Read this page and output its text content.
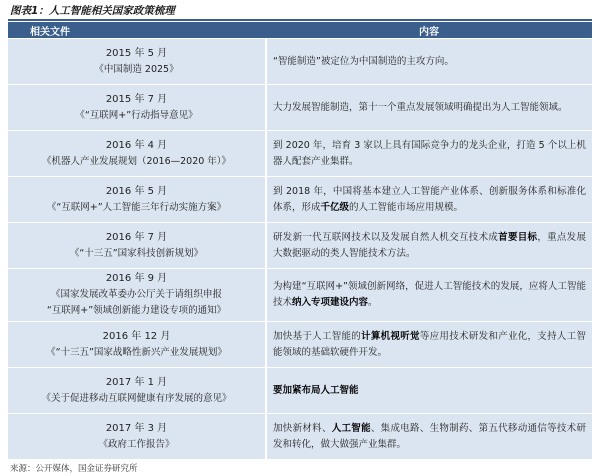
图表1：人工智能相关国家政策梳理
相关文件	内容

2015 年 5 月
《中国制造 2025》	“智能制造”被定位为中国制造的主攻方向。

2015 年 7 月
《“互联网+”行动指导意见》	大力发展智能制造，第十一个重点发展领域明确提出为人工智能领域。

2016 年 4 月
《机器人产业发展规划（2016—2020 年）》	到 2020 年，培育 3 家以上具有国际竞争力的龙头企业，打造 5 个以上机器人配套产业集群。

2016 年 5 月
《“互联网+”人工智能三年行动实施方案》	到 2018 年，中国将基本建立人工智能产业体系、创新服务体系和标准化体系，形成千亿级的人工智能市场应用规模。

2016 年 7 月
《“十三五”国家科技创新规划》	研发新一代互联网技术以及发展自然人机交互技术成首要目标，重点发展大数据驱动的类人智能技术方法。

2016 年 9 月
《国家发展改革委办公厅关于请组织申报
“互联网+”领域创新能力建设专项的通知》	为构建“互联网+”领域创新网络，促进人工智能技术的发展，应将人工智能技术纳入专项建设内容。

2016 年 12 月
《“十三五”国家战略性新兴产业发展规划》	加快基于人工智能的计算机视听觉等应用技术研发和产业化，支持人工智能领域的基础软硬件开发。

2017 年 1 月
《关于促进移动互联网健康有序发展的意见》	要加紧布局人工智能

2017 年 3 月
《政府工作报告》	加快新材料、人工智能、集成电路、生物制药、第五代移动通信等技术研发和转化，做大做强产业集群。
来源：公开媒体，国金证券研究所
